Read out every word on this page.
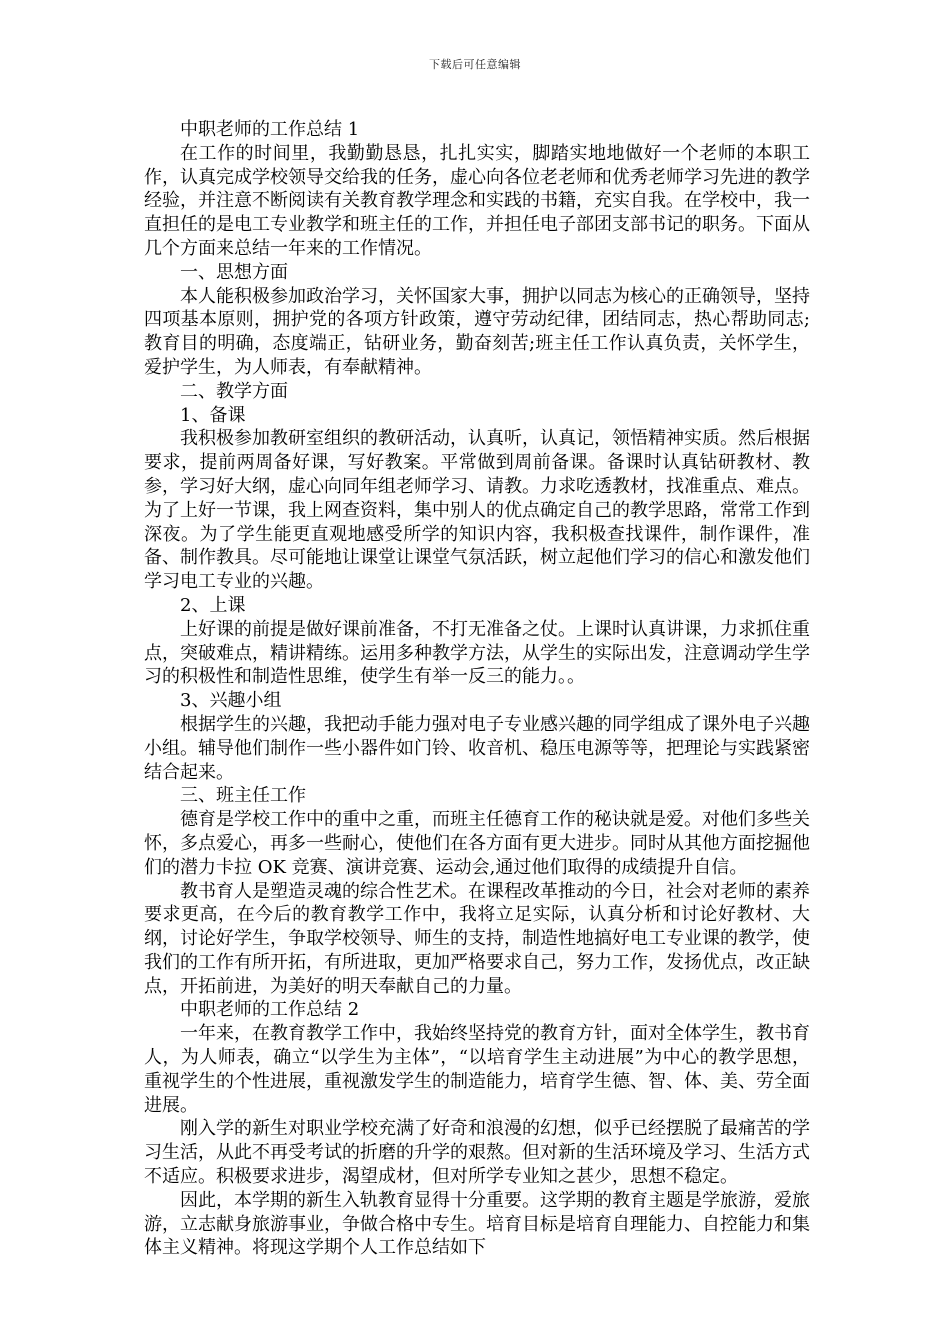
下载后可任意编辑

中职老师的工作总结 1

在工作的时间里，我勤勤恳恳，扎扎实实，脚踏实地地做好一个老师的本职工作，认真完成学校领导交给我的任务，虚心向各位老老师和优秀老师学习先进的教学经验，并注意不断阅读有关教育教学理念和实践的书籍，充实自我。在学校中，我一直担任的是电工专业教学和班主任的工作，并担任电子部团支部书记的职务。下面从几个方面来总结一年来的工作情况。

一、思想方面

本人能积极参加政治学习，关怀国家大事，拥护以同志为核心的正确领导，坚持四项基本原则，拥护党的各项方针政策，遵守劳动纪律，团结同志，热心帮助同志;教育目的明确，态度端正，钻研业务，勤奋刻苦;班主任工作认真负责，关怀学生，爱护学生，为人师表，有奉献精神。

二、教学方面

1、备课

我积极参加教研室组织的教研活动，认真听，认真记，领悟精神实质。然后根据要求，提前两周备好课，写好教案。平常做到周前备课。备课时认真钻研教材、教参，学习好大纲，虚心向同年组老师学习、请教。力求吃透教材，找准重点、难点。为了上好一节课，我上网查资料，集中别人的优点确定自己的教学思路，常常工作到深夜。为了学生能更直观地感受所学的知识内容，我积极查找课件，制作课件，准备、制作教具。尽可能地让课堂让课堂气氛活跃，树立起他们学习的信心和激发他们学习电工专业的兴趣。

2、上课

上好课的前提是做好课前准备，不打无准备之仗。上课时认真讲课，力求抓住重点，突破难点，精讲精练。运用多种教学方法，从学生的实际出发，注意调动学生学习的积极性和制造性思维，使学生有举一反三的能力。。

3、兴趣小组

根据学生的兴趣，我把动手能力强对电子专业感兴趣的同学组成了课外电子兴趣小组。辅导他们制作一些小器件如门铃、收音机、稳压电源等等，把理论与实践紧密结合起来。

三、班主任工作

德育是学校工作中的重中之重，而班主任德育工作的秘诀就是爱。对他们多些关怀，多点爱心，再多一些耐心，使他们在各方面有更大进步。同时从其他方面挖掘他们的潜力卡拉 OK 竞赛、演讲竞赛、运动会,通过他们取得的成绩提升自信。

教书育人是塑造灵魂的综合性艺术。在课程改革推动的今日，社会对老师的素养要求更高，在今后的教育教学工作中，我将立足实际，认真分析和讨论好教材、大纲，讨论好学生，争取学校领导、师生的支持，制造性地搞好电工专业课的教学，使我们的工作有所开拓，有所进取，更加严格要求自己，努力工作，发扬优点，改正缺点，开拓前进，为美好的明天奉献自己的力量。

中职老师的工作总结 2

一年来，在教育教学工作中，我始终坚持党的教育方针，面对全体学生，教书育人，为人师表，确立“以学生为主体”，“以培育学生主动进展”为中心的教学思想，重视学生的个性进展，重视激发学生的制造能力，培育学生德、智、体、美、劳全面进展。

刚入学的新生对职业学校充满了好奇和浪漫的幻想，似乎已经摆脱了最痛苦的学习生活，从此不再受考试的折磨的升学的艰熬。但对新的生活环境及学习、生活方式不适应。积极要求进步，渴望成材，但对所学专业知之甚少，思想不稳定。

因此，本学期的新生入轨教育显得十分重要。这学期的教育主题是学旅游，爱旅游，立志献身旅游事业，争做合格中专生。培育目标是培育自理能力、自控能力和集体主义精神。将现这学期个人工作总结如下
